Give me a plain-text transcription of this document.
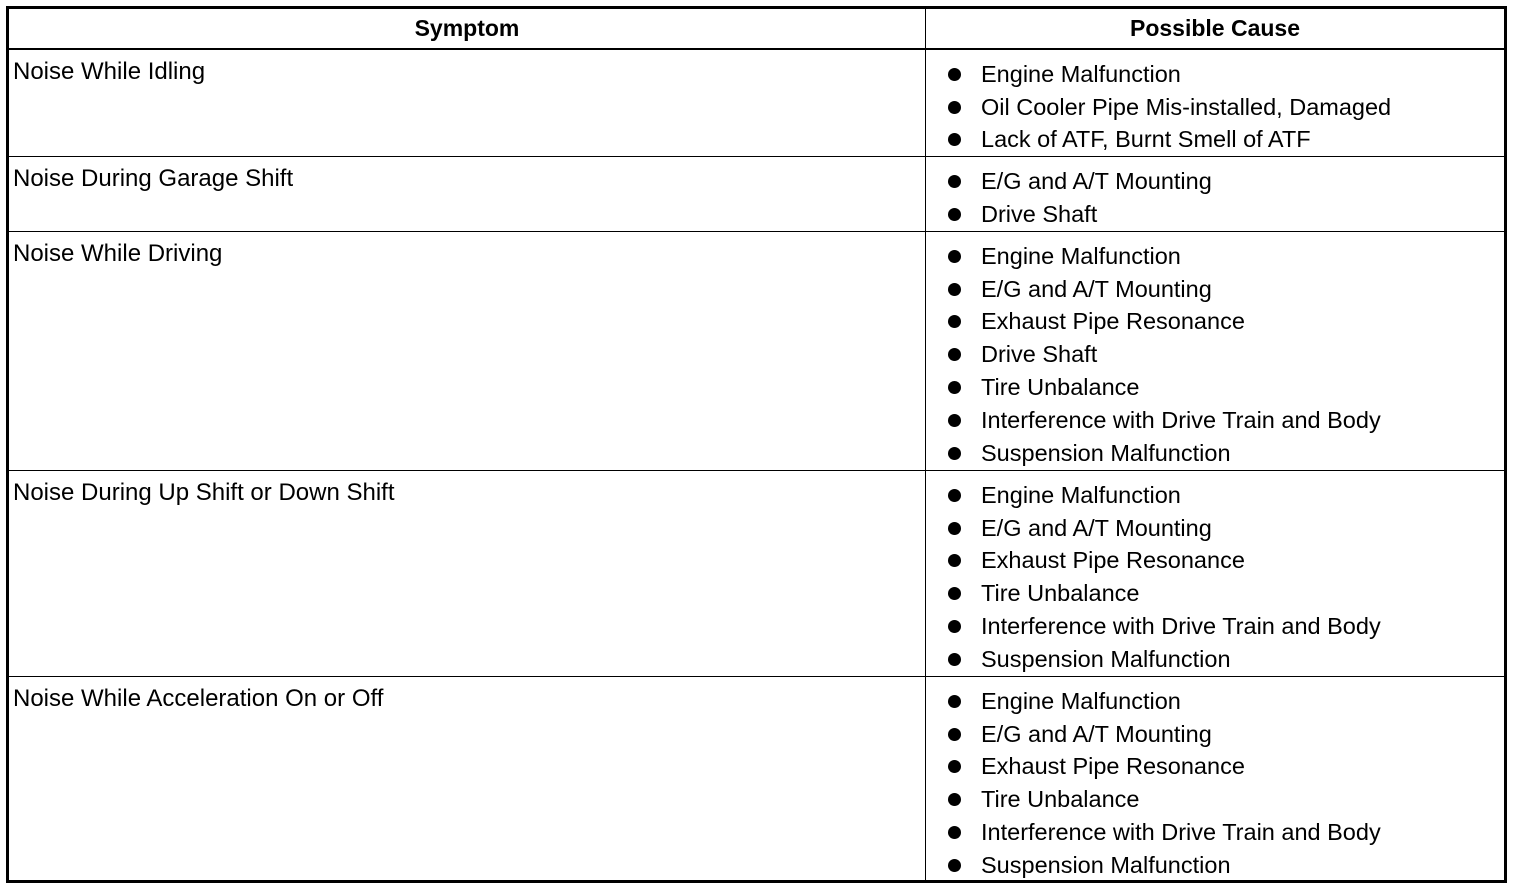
Symptom	Possible Cause
Noise While Idling	Engine Malfunction
Oil Cooler Pipe Mis-installed, Damaged
Lack of ATF, Burnt Smell of ATF
Noise During Garage Shift	E/G and A/T Mounting
Drive Shaft
Noise While Driving	Engine Malfunction
E/G and A/T Mounting
Exhaust Pipe Resonance
Drive Shaft
Tire Unbalance
Interference with Drive Train and Body
Suspension Malfunction
Noise During Up Shift or Down Shift	Engine Malfunction
E/G and A/T Mounting
Exhaust Pipe Resonance
Tire Unbalance
Interference with Drive Train and Body
Suspension Malfunction
Noise While Acceleration On or Off	Engine Malfunction
E/G and A/T Mounting
Exhaust Pipe Resonance
Tire Unbalance
Interference with Drive Train and Body
Suspension Malfunction
